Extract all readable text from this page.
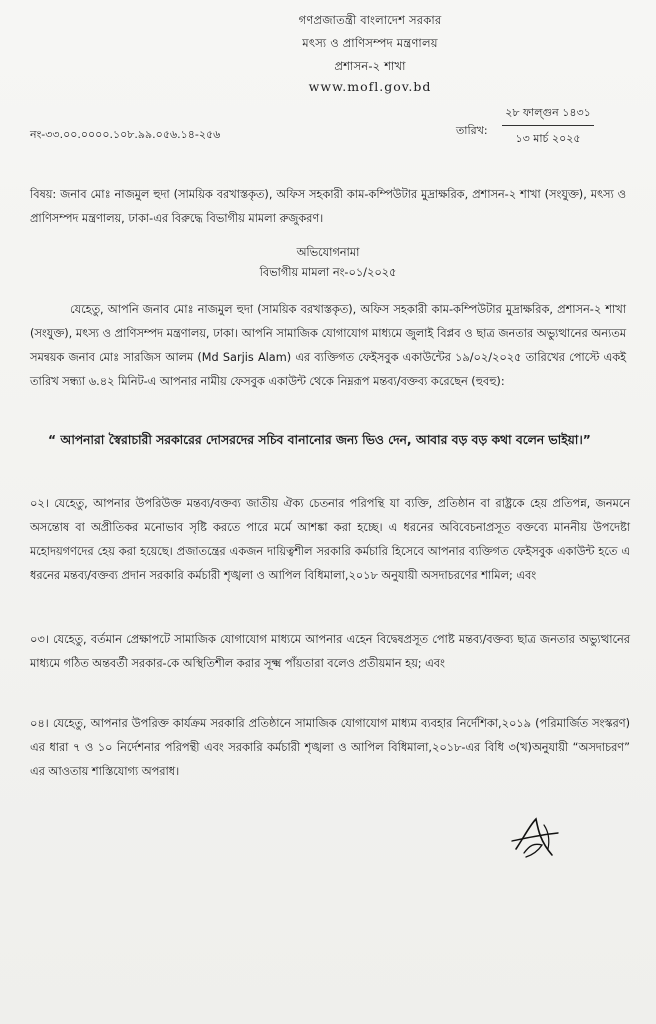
গণপ্রজাতন্ত্রী বাংলাদেশ সরকার
মৎস্য ও প্রাণিসম্পদ মন্ত্রণালয়
প্রশাসন-২ শাখা
www.mofl.gov.bd
নং-৩৩.০০.০০০০.১০৮.৯৯.০৫৬.১৪-২৫৬	তারিখ:
২৮ ফাল্গুন ১৪৩১
১৩ মার্চ ২০২৫
বিষয়: জনাব মোঃ নাজমুল হুদা (সাময়িক বরখাস্তকৃত), অফিস সহকারী কাম-কম্পিউটার মুদ্রাক্ষরিক, প্রশাসন-২ শাখা (সংযুক্ত), মৎস্য ও প্রাণিসম্পদ মন্ত্রণালয়, ঢাকা-এর বিরুদ্ধে বিভাগীয় মামলা রুজুকরণ।
অভিযোগনামা
বিভাগীয় মামলা নং-০১/২০২৫
যেহেতু, আপনি জনাব মোঃ নাজমুল হুদা (সাময়িক বরখাস্তকৃত), অফিস সহকারী কাম-কম্পিউটার মুদ্রাক্ষরিক, প্রশাসন-২ শাখা (সংযুক্ত), মৎস্য ও প্রাণিসম্পদ মন্ত্রণালয়, ঢাকা। আপনি সামাজিক যোগাযোগ মাধ্যমে জুলাই বিপ্লব ও ছাত্র জনতার অভ্যুত্থানের অন্যতম সমন্বয়ক জনাব মোঃ সারজিস আলম (Md Sarjis Alam) এর ব্যক্তিগত ফেইসবুক একাউন্টের ১৯/০২/২০২৫ তারিখের পোস্টে একই তারিখ সন্ধ্যা ৬.৪২ মিনিট-এ আপনার নামীয় ফেসবুক একাউন্ট থেকে নিম্নরূপ মন্তব্য/বক্তব্য করেছেন (হুবহু):
“ আপনারা স্বৈরাচারী সরকারের দোসরদের সচিব বানানোর জন্য ভিও দেন, আবার বড় বড় কথা বলেন ভাইয়া।”
০২। যেহেতু, আপনার উপরিউক্ত মন্তব্য/বক্তব্য জাতীয় ঐক্য চেতনার পরিপন্থি যা ব্যক্তি, প্রতিষ্ঠান বা রাষ্ট্রকে হেয় প্রতিপন্ন, জনমনে অসন্তোষ বা অপ্রীতিকর মনোভাব সৃষ্টি করতে পারে মর্মে আশঙ্কা করা হচ্ছে। এ ধরনের অবিবেচনাপ্রসূত বক্তব্যে মাননীয় উপদেষ্টা মহোদয়গণদের হেয় করা হয়েছে। প্রজাতন্ত্রের একজন দায়িত্বশীল সরকারি কর্মচারি হিসেবে আপনার ব্যক্তিগত ফেইসবুক একাউন্ট হতে এ ধরনের মন্তব্য/বক্তব্য প্রদান সরকারি কর্মচারী শৃঙ্খলা ও আপিল বিধিমালা,২০১৮ অনুযায়ী অসদাচরণের শামিল; এবং
০৩। যেহেতু, বর্তমান প্রেক্ষাপটে সামাজিক যোগাযোগ মাধ্যমে আপনার এহেন বিদ্বেষপ্রসূত পোষ্ট মন্তব্য/বক্তব্য ছাত্র জনতার অভ্যুত্থানের মাধ্যমে গঠিত অন্তবর্তী সরকার-কে অস্থিতিশীল করার সূক্ষ্ম পাঁয়তারা বলেও প্রতীয়মান হয়; এবং
০৪। যেহেতু, আপনার উপরিক্ত কার্যক্রম সরকারি প্রতিষ্ঠানে সামাজিক যোগাযোগ মাধ্যম ব্যবহার নির্দেশিকা,২০১৯ (পরিমার্জিত সংস্করণ) এর ধারা ৭ ও ১০ নির্দেশনার পরিপন্থী এবং সরকারি কর্মচারী শৃঙ্খলা ও আপিল বিধিমালা,২০১৮-এর বিধি ৩(খ)অনুযায়ী “অসদাচরণ” এর আওতায় শাস্তিযোগ্য অপরাধ।
